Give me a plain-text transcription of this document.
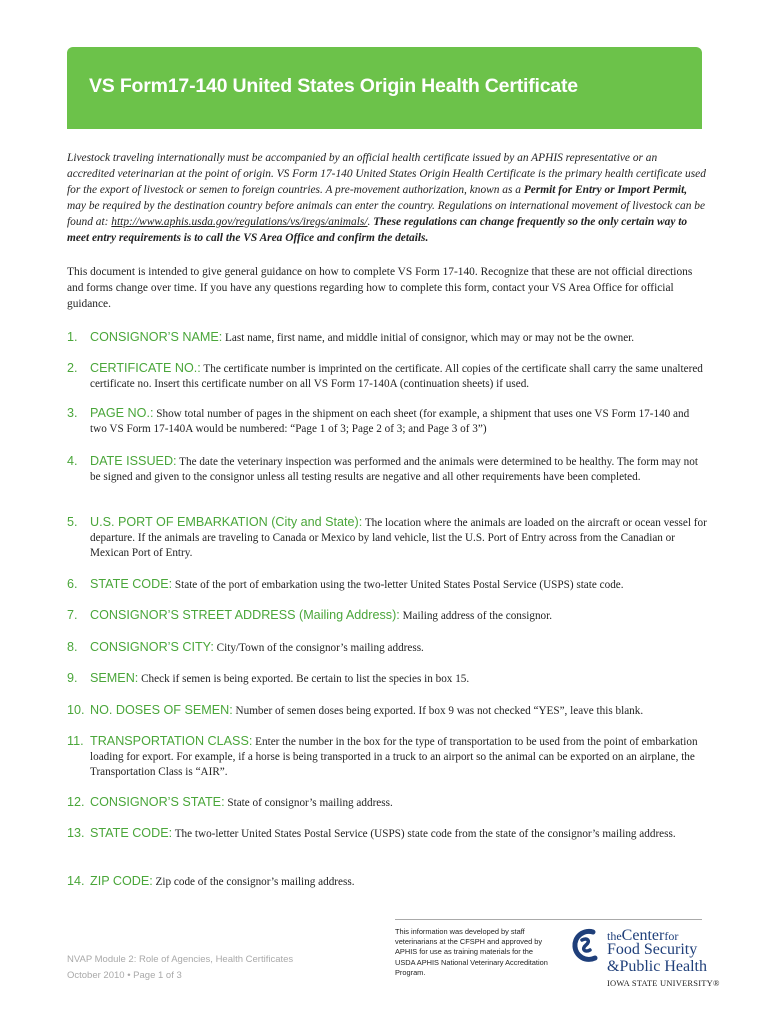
VS Form17-140 United States Origin Health Certificate
Livestock traveling internationally must be accompanied by an official health certificate issued by an APHIS representative or an accredited veterinarian at the point of origin. VS Form 17-140 United States Origin Health Certificate is the primary health certificate used for the export of livestock or semen to foreign countries. A pre-movement authorization, known as a Permit for Entry or Import Permit, may be required by the destination country before animals can enter the country. Regulations on international movement of livestock can be found at: http://www.aphis.usda.gov/regulations/vs/iregs/animals/. These regulations can change frequently so the only certain way to meet entry requirements is to call the VS Area Office and confirm the details.
This document is intended to give general guidance on how to complete VS Form 17-140. Recognize that these are not official directions and forms change over time. If you have any questions regarding how to complete this form, contact your VS Area Office for official guidance.
1. CONSIGNOR’S NAME: Last name, first name, and middle initial of consignor, which may or may not be the owner.
2. CERTIFICATE NO.: The certificate number is imprinted on the certificate. All copies of the certificate shall carry the same unaltered certificate no. Insert this certificate number on all VS Form 17-140A (continuation sheets) if used.
3. PAGE NO.: Show total number of pages in the shipment on each sheet (for example, a shipment that uses one VS Form 17-140 and two VS Form 17-140A would be numbered: “Page 1 of 3; Page 2 of 3; and Page 3 of 3”)
4. DATE ISSUED: The date the veterinary inspection was performed and the animals were determined to be healthy. The form may not be signed and given to the consignor unless all testing results are negative and all other requirements have been completed.
5. U.S. PORT OF EMBARKATION (City and State): The location where the animals are loaded on the aircraft or ocean vessel for departure. If the animals are traveling to Canada or Mexico by land vehicle, list the U.S. Port of Entry across from the Canadian or Mexican Port of Entry.
6. STATE CODE: State of the port of embarkation using the two-letter United States Postal Service (USPS) state code.
7. CONSIGNOR’S STREET ADDRESS (Mailing Address): Mailing address of the consignor.
8. CONSIGNOR’S CITY: City/Town of the consignor’s mailing address.
9. SEMEN: Check if semen is being exported. Be certain to list the species in box 15.
10. NO. DOSES OF SEMEN: Number of semen doses being exported. If box 9 was not checked “YES”, leave this blank.
11. TRANSPORTATION CLASS: Enter the number in the box for the type of transportation to be used from the point of embarkation loading for export. For example, if a horse is being transported in a truck to an airport so the animal can be exported on an airplane, the Transportation Class is “AIR”.
12. CONSIGNOR’S STATE: State of consignor’s mailing address.
13. STATE CODE: The two-letter United States Postal Service (USPS) state code from the state of the consignor’s mailing address.
14. ZIP CODE: Zip code of the consignor’s mailing address.
NVAP Module 2: Role of Agencies, Health Certificates
October 2010 • Page 1 of 3
This information was developed by staff veterinarians at the CFSPH and approved by APHIS for use as training materials for the USDA APHIS National Veterinary Accreditation Program.
theCenterfor
Food Security
&Public Health
IOWA STATE UNIVERSITY®
